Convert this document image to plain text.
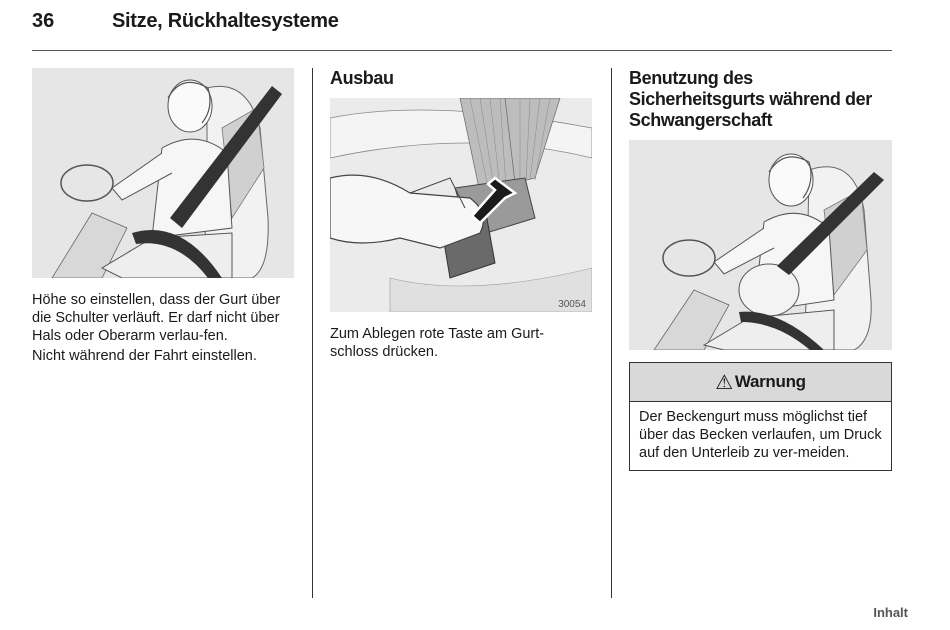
36	Sitze, Rückhaltesysteme

Höhe so einstellen, dass der Gurt über die Schulter verläuft. Er darf nicht über Hals oder Oberarm verlau-fen.

Nicht während der Fahrt einstellen.

Ausbau
30054

Zum Ablegen rote Taste am Gurt-schloss drücken.

Benutzung des Sicherheitsgurts während der Schwangerschaft
⚠ Warnung
Der Beckengurt muss möglichst tief über das Becken verlaufen, um Druck auf den Unterleib zu ver-meiden.
Inhalt
